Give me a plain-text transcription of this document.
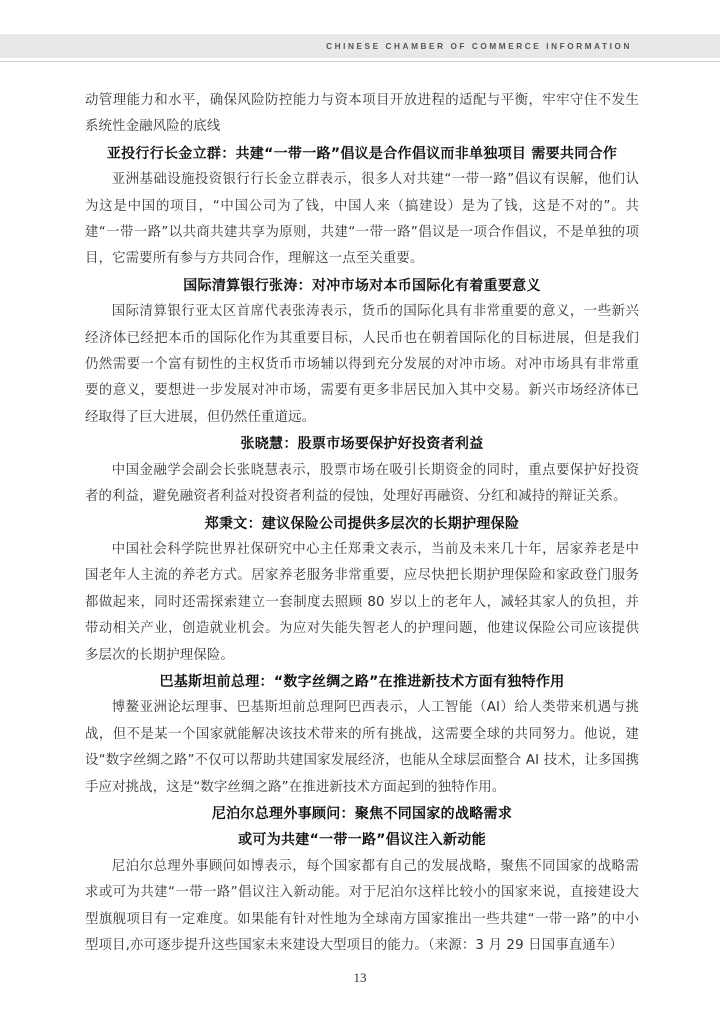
CHINESE CHAMBER OF COMMERCE INFORMATION

动管理能力和水平，确保风险防控能力与资本项目开放进程的适配与平衡，牢牢守住不发生系统性金融风险的底线

亚投行行长金立群：共建“一带一路”倡议是合作倡议而非单独项目 需要共同合作

亚洲基础设施投资银行行长金立群表示，很多人对共建“一带一路”倡议有误解，他们认为这是中国的项目，“中国公司为了钱，中国人来（搞建设）是为了钱，这是不对的”。共建“一带一路”以共商共建共享为原则，共建“一带一路”倡议是一项合作倡议，不是单独的项目，它需要所有参与方共同合作，理解这一点至关重要。

国际清算银行张涛：对冲市场对本币国际化有着重要意义

国际清算银行亚太区首席代表张涛表示，货币的国际化具有非常重要的意义，一些新兴经济体已经把本币的国际化作为其重要目标，人民币也在朝着国际化的目标进展，但是我们仍然需要一个富有韧性的主权货币市场辅以得到充分发展的对冲市场。对冲市场具有非常重要的意义，要想进一步发展对冲市场，需要有更多非居民加入其中交易。新兴市场经济体已经取得了巨大进展，但仍然任重道远。

张晓慧：股票市场要保护好投资者利益

中国金融学会副会长张晓慧表示，股票市场在吸引长期资金的同时，重点要保护好投资者的利益，避免融资者利益对投资者利益的侵蚀，处理好再融资、分红和减持的辩证关系。

郑秉文：建议保险公司提供多层次的长期护理保险

中国社会科学院世界社保研究中心主任郑秉文表示，当前及未来几十年，居家养老是中国老年人主流的养老方式。居家养老服务非常重要，应尽快把长期护理保险和家政登门服务都做起来，同时还需探索建立一套制度去照顾 80 岁以上的老年人，减轻其家人的负担，并带动相关产业，创造就业机会。为应对失能失智老人的护理问题，他建议保险公司应该提供多层次的长期护理保险。

巴基斯坦前总理：“数字丝绸之路”在推进新技术方面有独特作用

博鳌亚洲论坛理事、巴基斯坦前总理阿巴西表示，人工智能（AI）给人类带来机遇与挑战，但不是某一个国家就能解决该技术带来的所有挑战，这需要全球的共同努力。他说，建设“数字丝绸之路”不仅可以帮助共建国家发展经济，也能从全球层面整合 AI 技术，让多国携手应对挑战，这是“数字丝绸之路”在推进新技术方面起到的独特作用。

尼泊尔总理外事顾问：聚焦不同国家的战略需求
或可为共建“一带一路”倡议注入新动能

尼泊尔总理外事顾问如博表示，每个国家都有自己的发展战略，聚焦不同国家的战略需求或可为共建“一带一路”倡议注入新动能。对于尼泊尔这样比较小的国家来说，直接建设大型旗舰项目有一定难度。如果能有针对性地为全球南方国家推出一些共建“一带一路”的中小型项目,亦可逐步提升这些国家未来建设大型项目的能力。（来源：3 月 29 日国事直通车）

13
